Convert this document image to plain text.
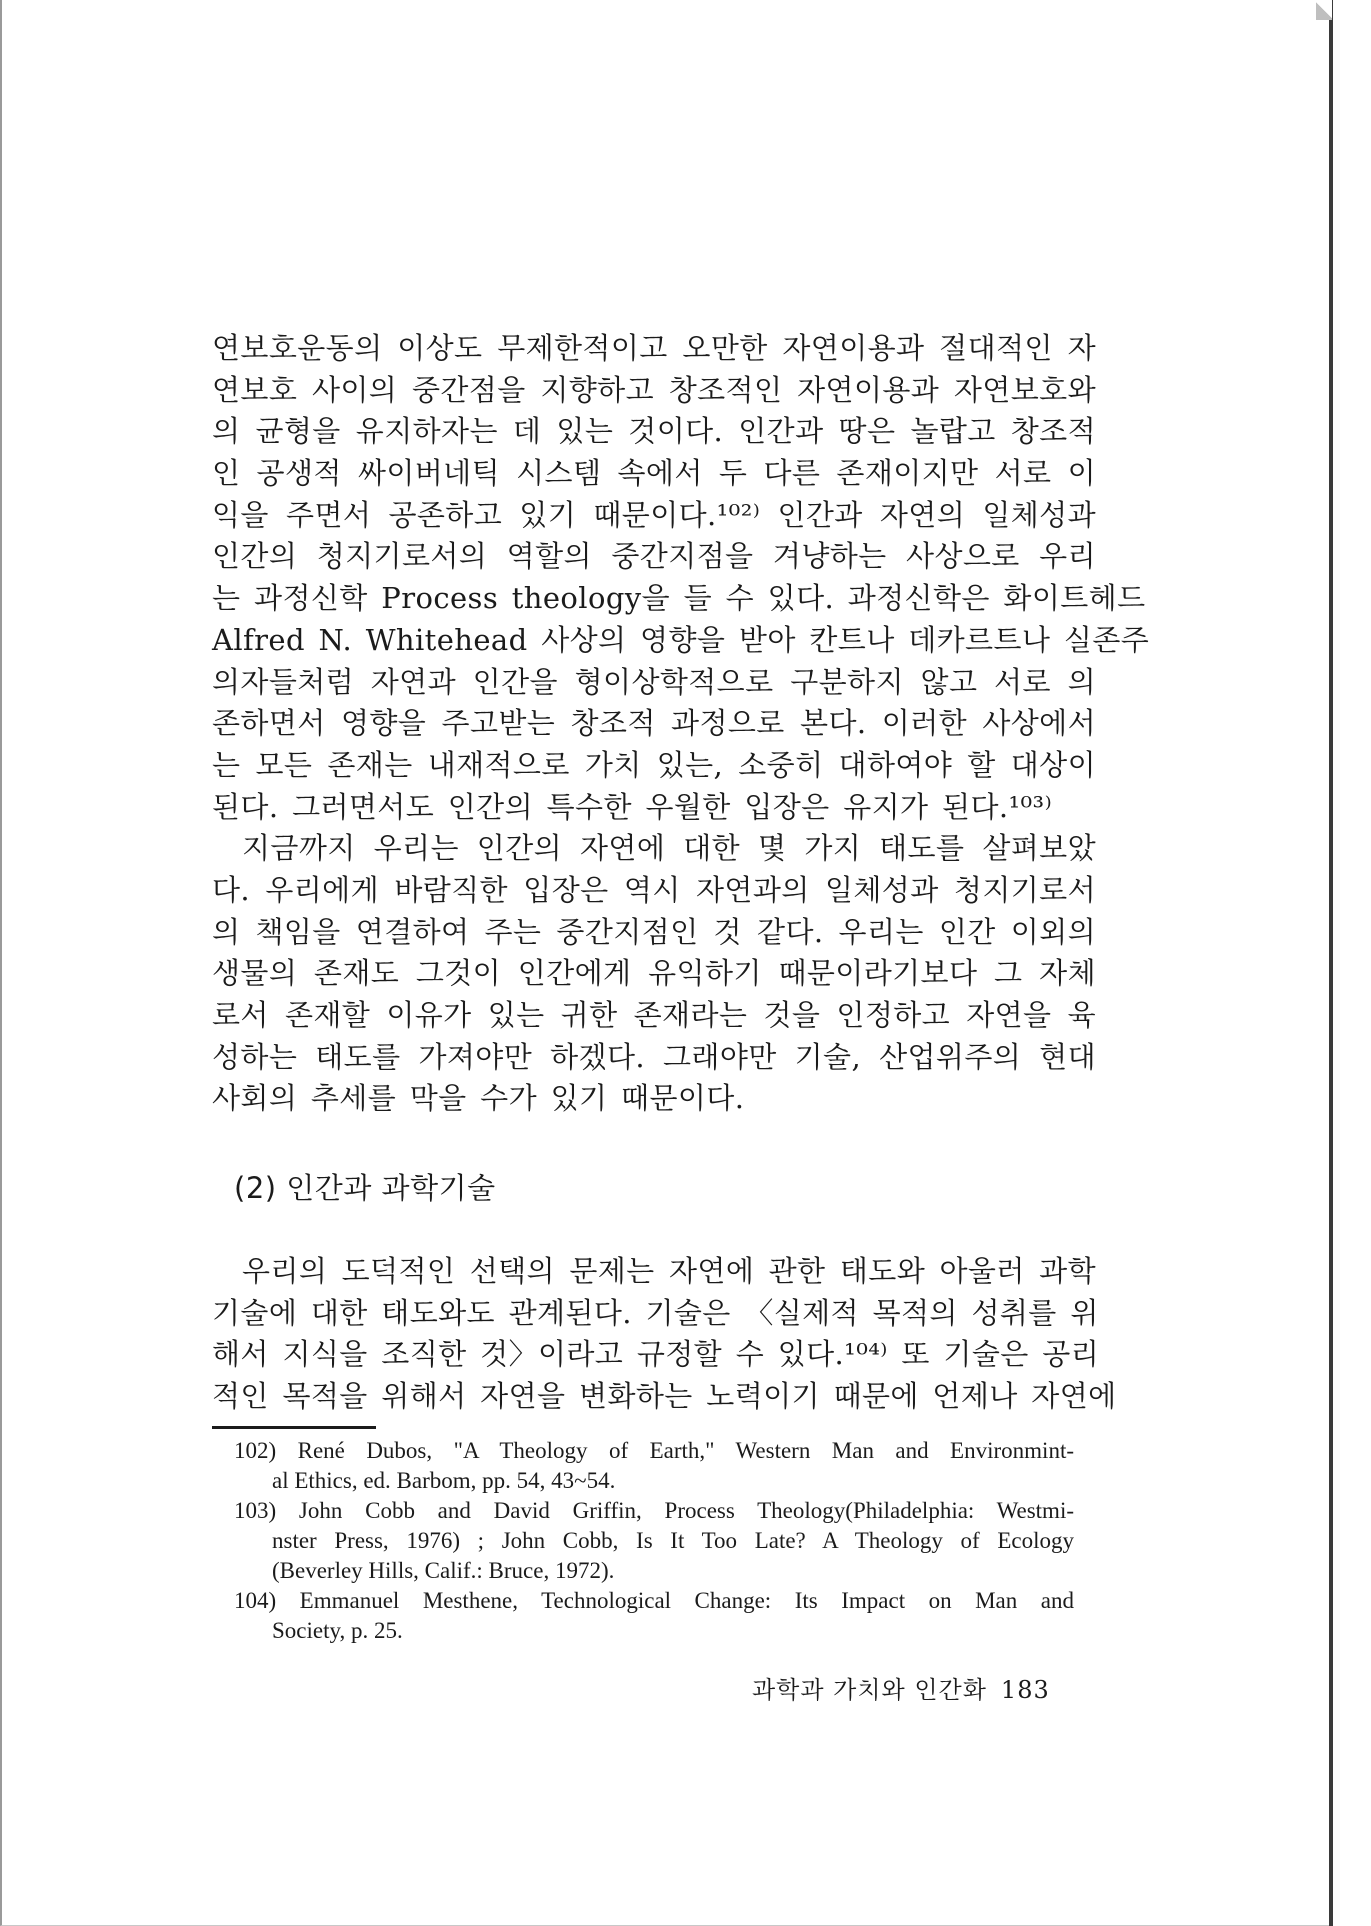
연보호운동의 이상도 무제한적이고 오만한 자연이용과 절대적인 자
연보호 사이의 중간점을 지향하고 창조적인 자연이용과 자연보호와
의 균형을 유지하자는 데 있는 것이다. 인간과 땅은 놀랍고 창조적
인 공생적 싸이버네틱 시스템 속에서 두 다른 존재이지만 서로 이
익을 주면서 공존하고 있기 때문이다.¹⁰²⁾ 인간과 자연의 일체성과
인간의 청지기로서의 역할의 중간지점을 겨냥하는 사상으로 우리
는 과정신학 Process theology을 들 수 있다. 과정신학은 화이트헤드
Alfred N. Whitehead 사상의 영향을 받아 칸트나 데카르트나 실존주
의자들처럼 자연과 인간을 형이상학적으로 구분하지 않고 서로 의
존하면서 영향을 주고받는 창조적 과정으로 본다. 이러한 사상에서
는 모든 존재는 내재적으로 가치 있는, 소중히 대하여야 할 대상이
된다. 그러면서도 인간의 특수한 우월한 입장은 유지가 된다.¹⁰³⁾
지금까지 우리는 인간의 자연에 대한 몇 가지 태도를 살펴보았
다. 우리에게 바람직한 입장은 역시 자연과의 일체성과 청지기로서
의 책임을 연결하여 주는 중간지점인 것 같다. 우리는 인간 이외의
생물의 존재도 그것이 인간에게 유익하기 때문이라기보다 그 자체
로서 존재할 이유가 있는 귀한 존재라는 것을 인정하고 자연을 육
성하는 태도를 가져야만 하겠다. 그래야만 기술, 산업위주의 현대
사회의 추세를 막을 수가 있기 때문이다.
(2) 인간과 과학기술
우리의 도덕적인 선택의 문제는 자연에 관한 태도와 아울러 과학
기술에 대한 태도와도 관계된다. 기술은 〈실제적 목적의 성취를 위
해서 지식을 조직한 것〉이라고 규정할 수 있다.¹⁰⁴⁾ 또 기술은 공리
적인 목적을 위해서 자연을 변화하는 노력이기 때문에 언제나 자연에
102) René Dubos, "A Theology of Earth," Western Man and Environmint-
al Ethics, ed. Barbom, pp. 54, 43~54.
103) John Cobb and David Griffin, Process Theology(Philadelphia: Westmi-
nster Press, 1976) ; John Cobb, Is It Too Late? A Theology of Ecology
(Beverley Hills, Calif.: Bruce, 1972).
104) Emmanuel Mesthene, Technological Change: Its Impact on Man and
Society, p. 25.
과학과 가치와 인간화 183
